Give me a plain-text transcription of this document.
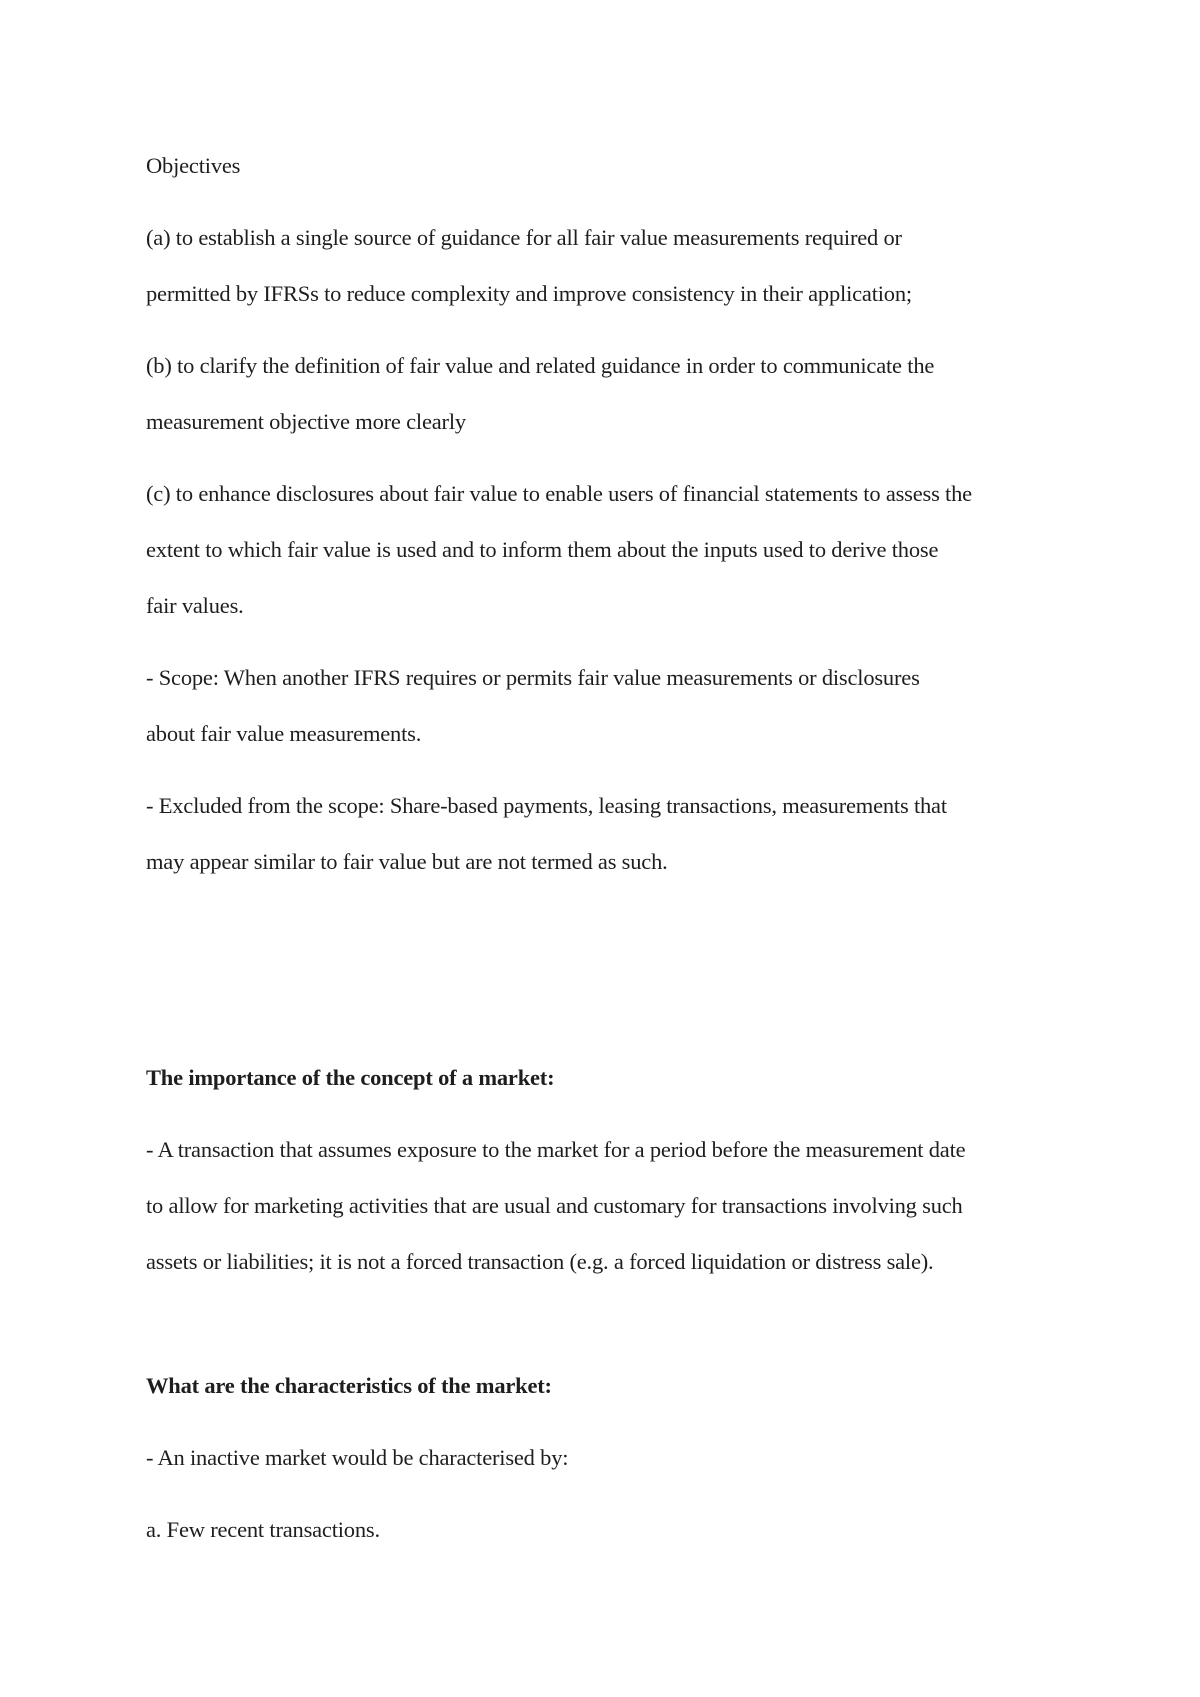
Objectives

(a) to establish a single source of guidance for all fair value measurements required or

permitted by IFRSs to reduce complexity and improve consistency in their application;

(b) to clarify the definition of fair value and related guidance in order to communicate the

measurement objective more clearly

(c) to enhance disclosures about fair value to enable users of financial statements to assess the

extent to which fair value is used and to inform them about the inputs used to derive those

fair values.

- Scope: When another IFRS requires or permits fair value measurements or disclosures

about fair value measurements.

- Excluded from the scope: Share-based payments, leasing transactions, measurements that

may appear similar to fair value but are not termed as such.

The importance of the concept of a market:

- A transaction that assumes exposure to the market for a period before the measurement date

to allow for marketing activities that are usual and customary for transactions involving such

assets or liabilities; it is not a forced transaction (e.g. a forced liquidation or distress sale).

What are the characteristics of the market:

- An inactive market would be characterised by:

a. Few recent transactions.
